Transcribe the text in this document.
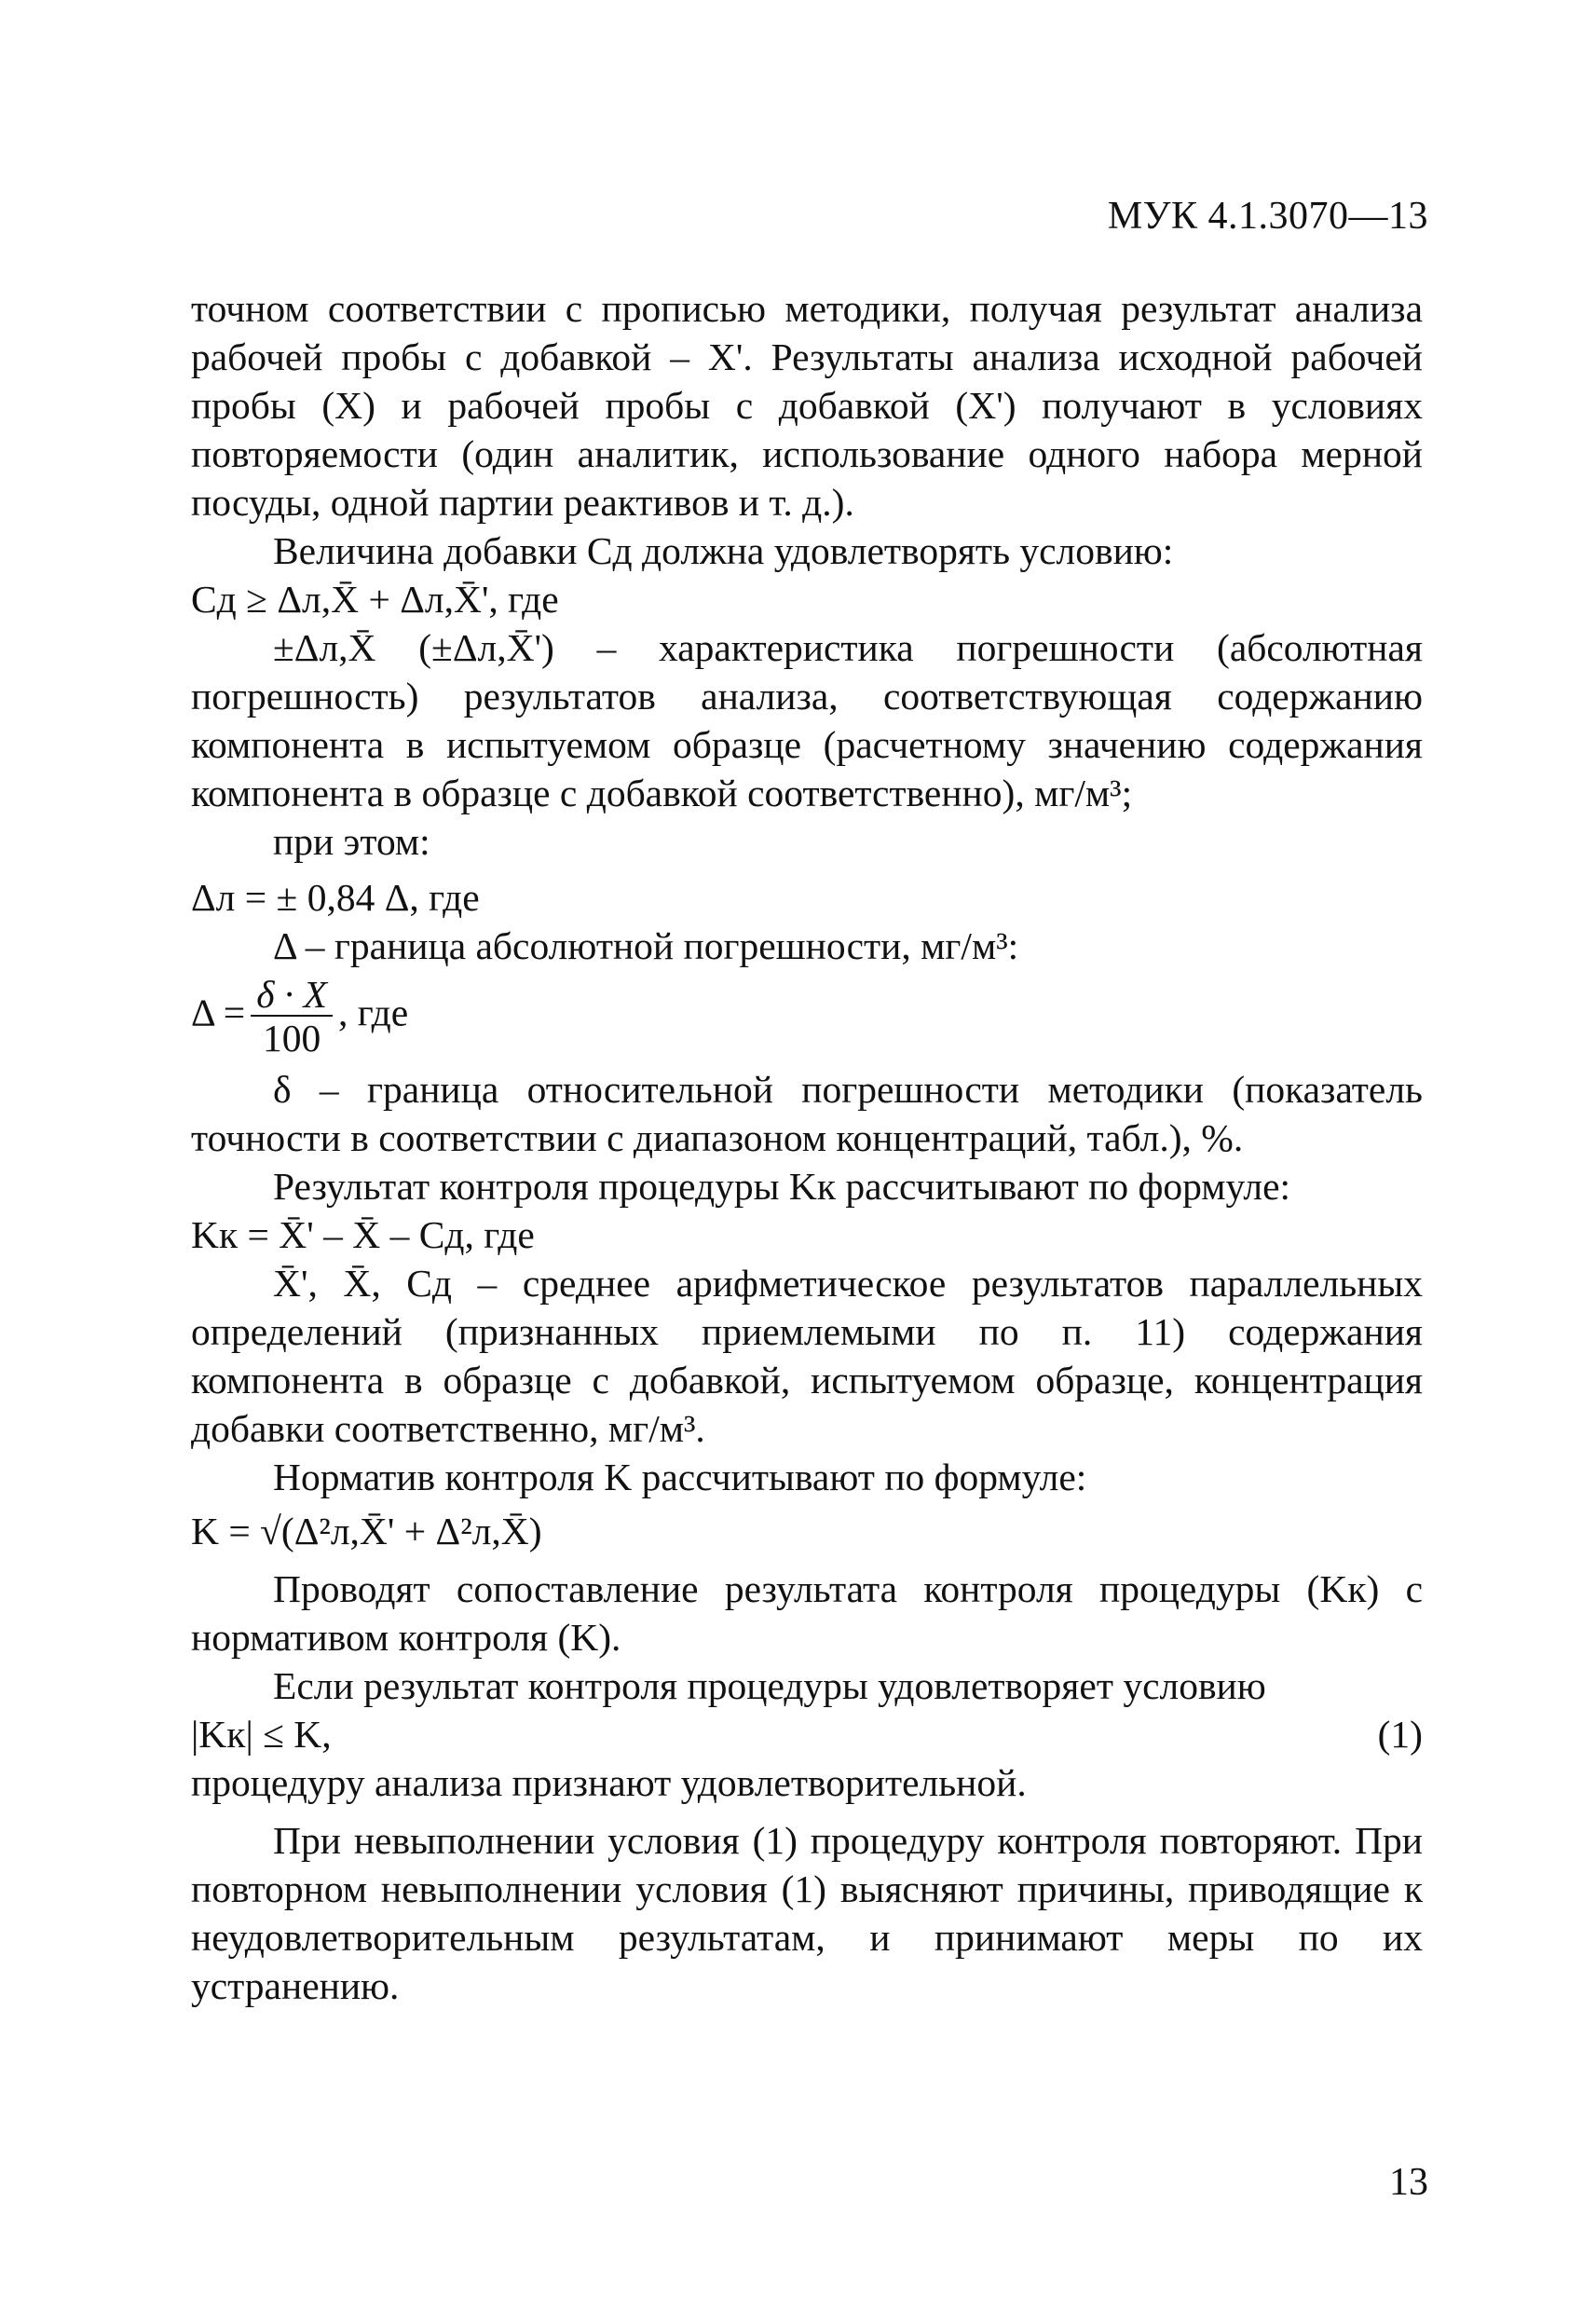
МУК 4.1.3070—13

точном соответствии с прописью методики, получая результат анализа рабочей пробы с добавкой – X'. Результаты анализа исходной рабочей пробы (X) и рабочей пробы с добавкой (X') получают в условиях повторяемости (один аналитик, использование одного набора мерной посуды, одной партии реактивов и т. д.).

Величина добавки Cд должна удовлетворять условию:

Cд ≥ Δл,X̄ + Δл,X̄', где

±Δл,X̄ (±Δл,X̄') – характеристика погрешности (абсолютная погрешность) результатов анализа, соответствующая содержанию компонента в испытуемом образце (расчетному значению содержания компонента в образце с добавкой соответственно), мг/м³;

при этом:

Δл = ± 0,84 Δ, где

Δ – граница абсолютной погрешности, мг/м³:

$\Delta = \frac{\delta \cdot X}{100}$ , где

δ – граница относительной погрешности методики (показатель точности в соответствии с диапазоном концентраций, табл.), %.

Результат контроля процедуры Kк рассчитывают по формуле:

Kк = X̄' – X̄ – Cд, где

X̄', X̄, Cд – среднее арифметическое результатов параллельных определений (признанных приемлемыми по п. 11) содержания компонента в образце с добавкой, испытуемом образце, концентрация добавки соответственно, мг/м³.

Норматив контроля K рассчитывают по формуле:

K = √(Δ²л,X̄' + Δ²л,X̄)

Проводят сопоставление результата контроля процедуры (Kк) с нормативом контроля (K).

Если результат контроля процедуры удовлетворяет условию

(1)
|Kк| ≤ K,

процедуру анализа признают удовлетворительной.

При невыполнении условия (1) процедуру контроля повторяют. При повторном невыполнении условия (1) выясняют причины, приводящие к неудовлетворительным результатам, и принимают меры по их устранению.

13
